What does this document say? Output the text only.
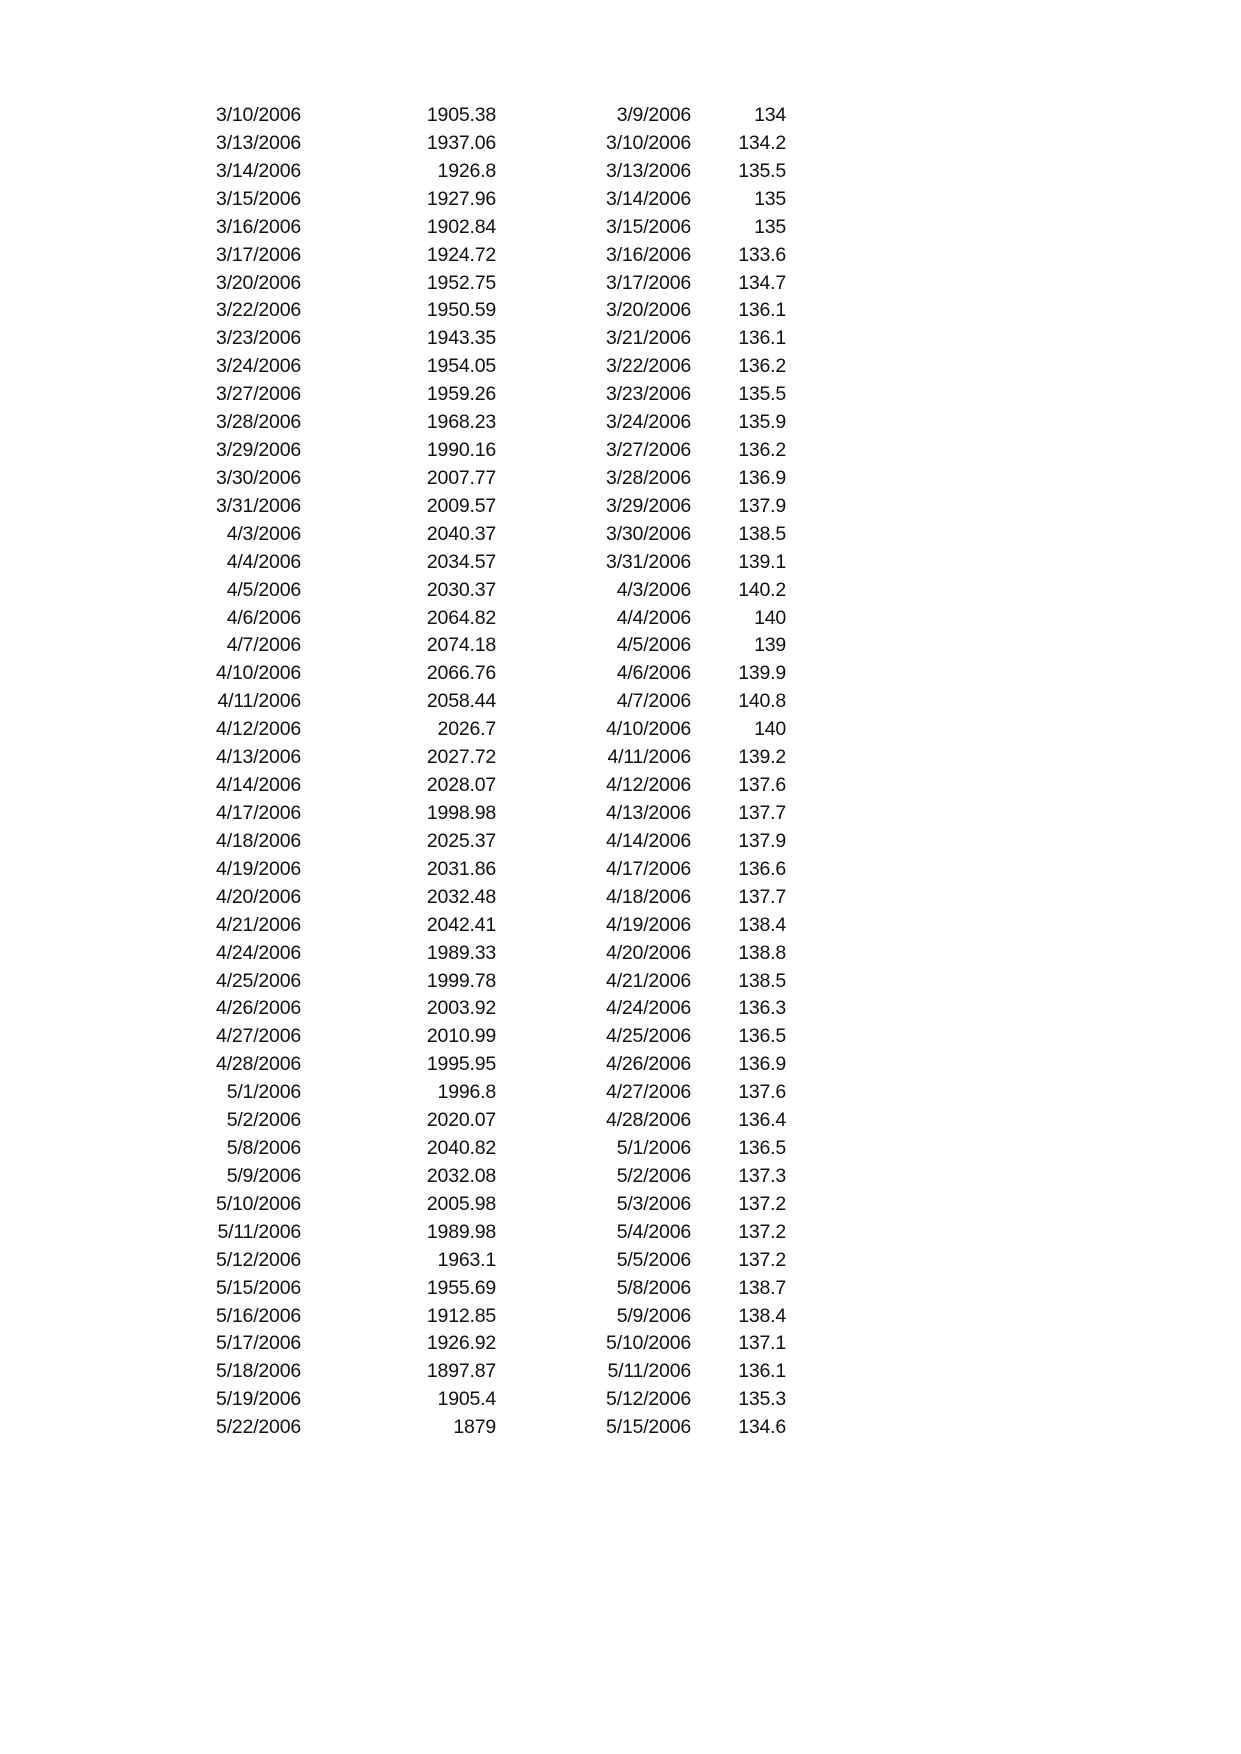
3/10/2006	1905.38	3/9/2006	134
3/13/2006	1937.06	3/10/2006	134.2
3/14/2006	1926.8	3/13/2006	135.5
3/15/2006	1927.96	3/14/2006	135
3/16/2006	1902.84	3/15/2006	135
3/17/2006	1924.72	3/16/2006	133.6
3/20/2006	1952.75	3/17/2006	134.7
3/22/2006	1950.59	3/20/2006	136.1
3/23/2006	1943.35	3/21/2006	136.1
3/24/2006	1954.05	3/22/2006	136.2
3/27/2006	1959.26	3/23/2006	135.5
3/28/2006	1968.23	3/24/2006	135.9
3/29/2006	1990.16	3/27/2006	136.2
3/30/2006	2007.77	3/28/2006	136.9
3/31/2006	2009.57	3/29/2006	137.9
4/3/2006	2040.37	3/30/2006	138.5
4/4/2006	2034.57	3/31/2006	139.1
4/5/2006	2030.37	4/3/2006	140.2
4/6/2006	2064.82	4/4/2006	140
4/7/2006	2074.18	4/5/2006	139
4/10/2006	2066.76	4/6/2006	139.9
4/11/2006	2058.44	4/7/2006	140.8
4/12/2006	2026.7	4/10/2006	140
4/13/2006	2027.72	4/11/2006	139.2
4/14/2006	2028.07	4/12/2006	137.6
4/17/2006	1998.98	4/13/2006	137.7
4/18/2006	2025.37	4/14/2006	137.9
4/19/2006	2031.86	4/17/2006	136.6
4/20/2006	2032.48	4/18/2006	137.7
4/21/2006	2042.41	4/19/2006	138.4
4/24/2006	1989.33	4/20/2006	138.8
4/25/2006	1999.78	4/21/2006	138.5
4/26/2006	2003.92	4/24/2006	136.3
4/27/2006	2010.99	4/25/2006	136.5
4/28/2006	1995.95	4/26/2006	136.9
5/1/2006	1996.8	4/27/2006	137.6
5/2/2006	2020.07	4/28/2006	136.4
5/8/2006	2040.82	5/1/2006	136.5
5/9/2006	2032.08	5/2/2006	137.3
5/10/2006	2005.98	5/3/2006	137.2
5/11/2006	1989.98	5/4/2006	137.2
5/12/2006	1963.1	5/5/2006	137.2
5/15/2006	1955.69	5/8/2006	138.7
5/16/2006	1912.85	5/9/2006	138.4
5/17/2006	1926.92	5/10/2006	137.1
5/18/2006	1897.87	5/11/2006	136.1
5/19/2006	1905.4	5/12/2006	135.3
5/22/2006	1879	5/15/2006	134.6
